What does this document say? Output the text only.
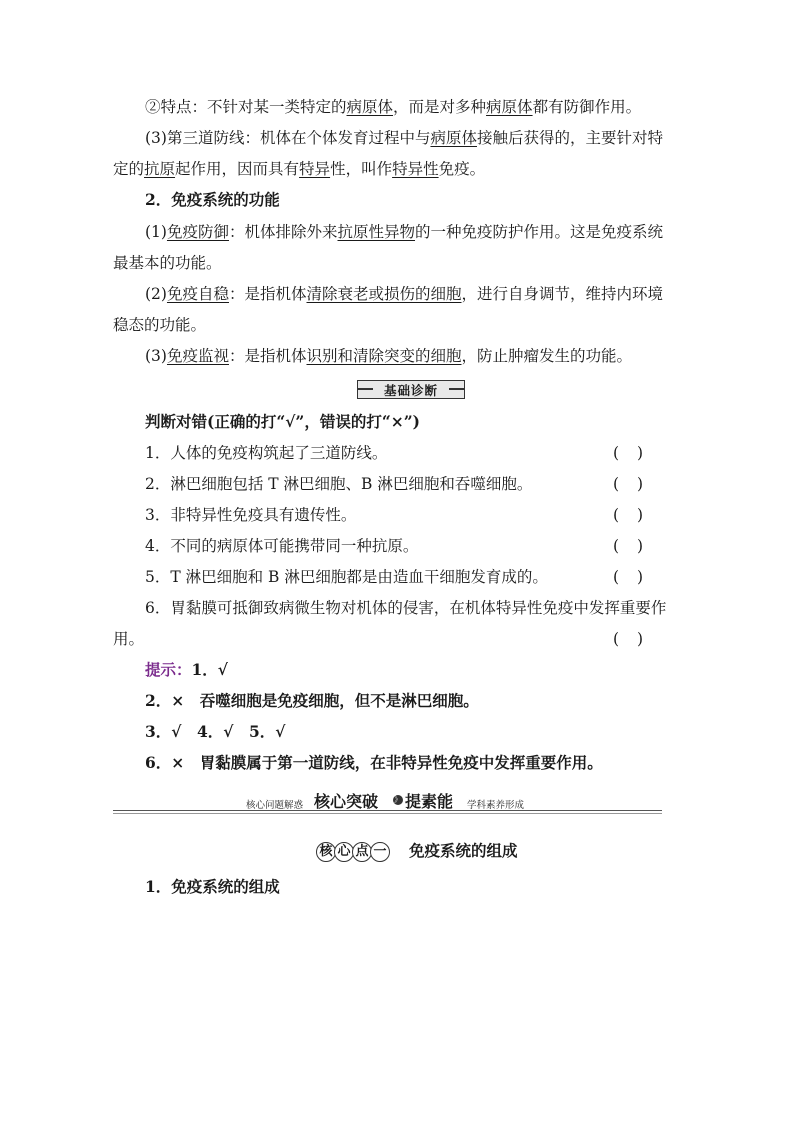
②特点：不针对某一类特定的病原体，而是对多种病原体都有防御作用。
(3)第三道防线：机体在个体发育过程中与病原体接触后获得的，主要针对特
定的抗原起作用，因而具有特异性，叫作特异性免疫。
2．免疫系统的功能
(1)免疫防御：机体排除外来抗原性异物的一种免疫防护作用。这是免疫系统
最基本的功能。
(2)免疫自稳：是指机体清除衰老或损伤的细胞，进行自身调节，维持内环境
稳态的功能。
(3)免疫监视：是指机体识别和清除突变的细胞，防止肿瘤发生的功能。
基础诊断
判断对错(正确的打“√”，错误的打“×”)
1．人体的免疫构筑起了三道防线。	()
2．淋巴细胞包括 T 淋巴细胞、B 淋巴细胞和吞噬细胞。	()
3．非特异性免疫具有遗传性。	()
4．不同的病原体可能携带同一种抗原。	()
5．T 淋巴细胞和 B 淋巴细胞都是由造血干细胞发育成的。	()
6．胃黏膜可抵御致病微生物对机体的侵害，在机体特异性免疫中发挥重要作
用。	()
提示：1．√
2．×　吞噬细胞是免疫细胞，但不是淋巴细胞。
3．√　4．√　5．√
6．×　胃黏膜属于第一道防线，在非特异性免疫中发挥重要作用。
核心问题解惑 核心突破 》 提素能 学科素养形成
核 心 点 一 免疫系统的组成
1．免疫系统的组成
